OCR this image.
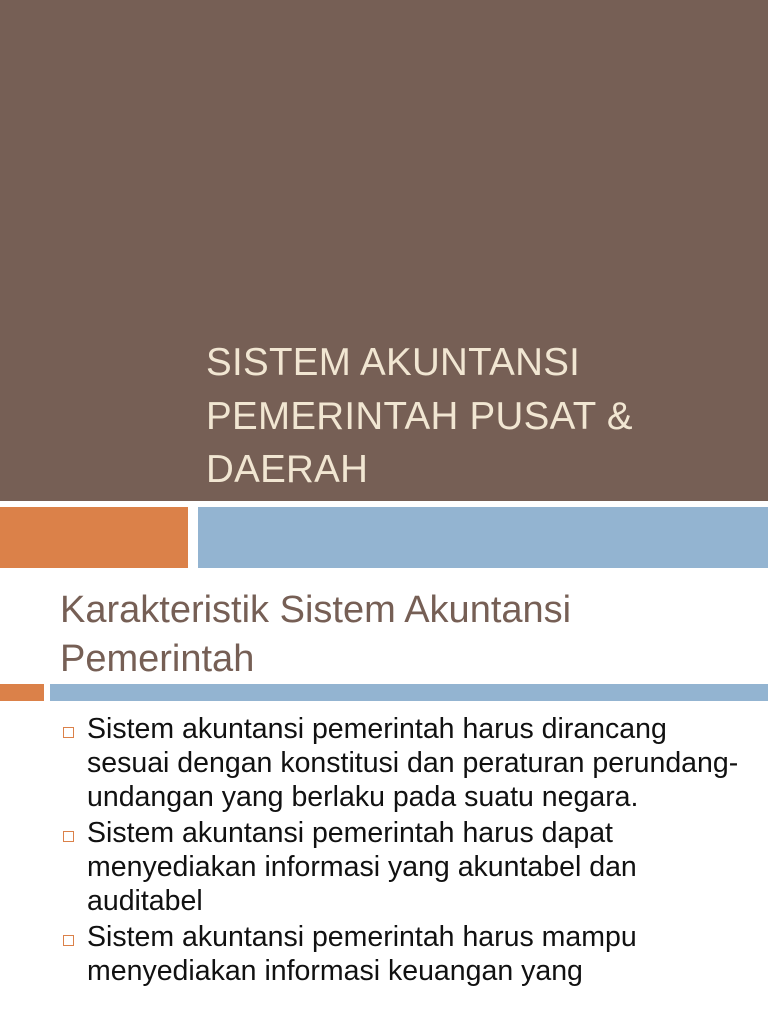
SISTEM AKUNTANSI
PEMERINTAH PUSAT &
DAERAH
Karakteristik Sistem Akuntansi
Pemerintah
Sistem akuntansi pemerintah harus dirancang sesuai dengan konstitusi dan peraturan perundang-undangan yang berlaku pada suatu negara.
Sistem akuntansi pemerintah harus dapat menyediakan informasi yang akuntabel dan auditabel
Sistem akuntansi pemerintah harus mampu menyediakan informasi keuangan yang
